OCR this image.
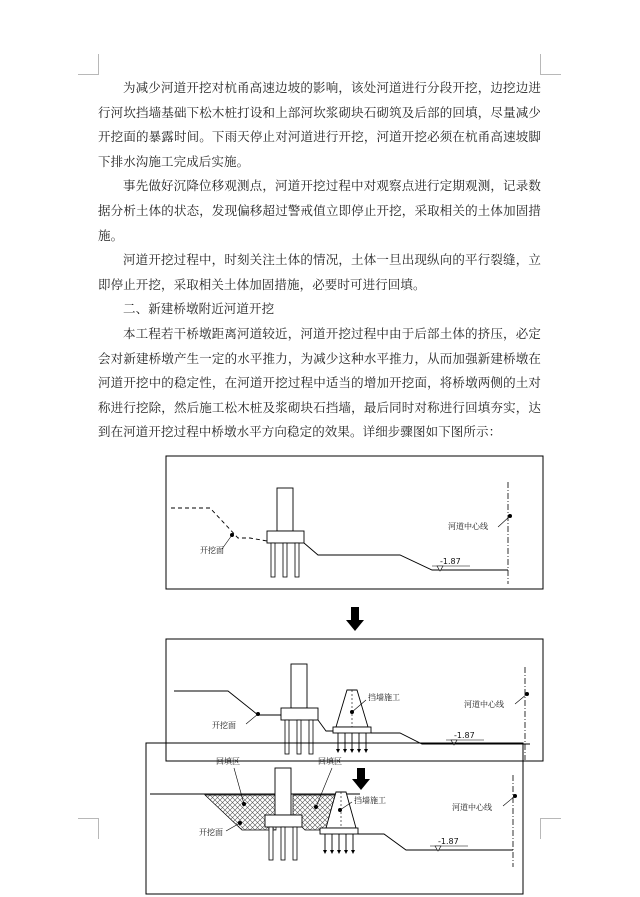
为减少河道开挖对杭甬高速边坡的影响，该处河道进行分段开挖，边挖边进行河坎挡墙基础下松木桩打设和上部河坎浆砌块石砌筑及后部的回填，尽量减少开挖面的暴露时间。下雨天停止对河道进行开挖，河道开挖必须在杭甬高速坡脚下排水沟施工完成后实施。

事先做好沉降位移观测点，河道开挖过程中对观察点进行定期观测，记录数据分析土体的状态，发现偏移超过警戒值立即停止开挖，采取相关的土体加固措施。

河道开挖过程中，时刻关注土体的情况，土体一旦出现纵向的平行裂缝，立即停止开挖，采取相关土体加固措施，必要时可进行回填。

二、新建桥墩附近河道开挖

本工程若干桥墩距离河道较近，河道开挖过程中由于后部土体的挤压，必定会对新建桥墩产生一定的水平推力，为减少这种水平推力，从而加强新建桥墩在河道开挖中的稳定性，在河道开挖过程中适当的增加开挖面，将桥墩两侧的土对称进行挖除，然后施工松木桩及浆砌块石挡墙，最后同时对称进行回填夯实，达到在河道开挖过程中桥墩水平方向稳定的效果。详细步骤图如下图所示：

开挖面
河道中心线
-1.87
开挖面
挡墙施工
河道中心线
-1.87
回填区	回填区
开挖面
挡墙施工
河道中心线
-1.87
